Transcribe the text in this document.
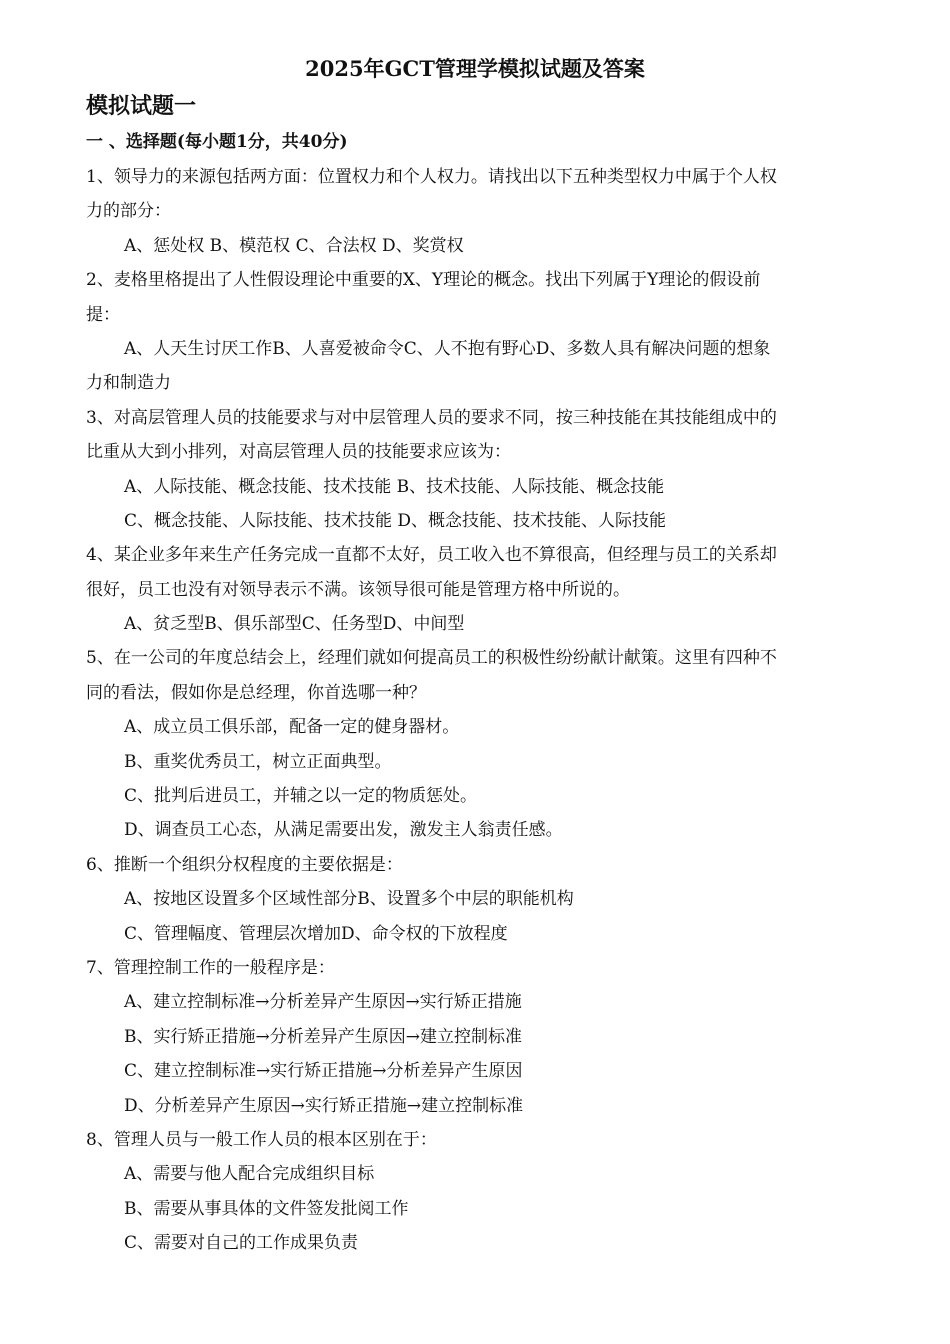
2025年GCT管理学模拟试题及答案
模拟试题一
一 、选择题(每小题1分，共40分)
1、领导力的来源包括两方面：位置权力和个人权力。请找出以下五种类型权力中属于个人权
力的部分：
A、惩处权 B、模范权 C、合法权 D、奖赏权
2、麦格里格提出了人性假设理论中重要的X、Y理论的概念。找出下列属于Y理论的假设前
提：
A、人天生讨厌工作B、人喜爱被命令C、人不抱有野心D、多数人具有解决问题的想象
力和制造力
3、对高层管理人员的技能要求与对中层管理人员的要求不同，按三种技能在其技能组成中的
比重从大到小排列，对高层管理人员的技能要求应该为：
A、人际技能、概念技能、技术技能 B、技术技能、人际技能、概念技能
C、概念技能、人际技能、技术技能 D、概念技能、技术技能、人际技能
4、某企业多年来生产任务完成一直都不太好，员工收入也不算很高，但经理与员工的关系却
很好，员工也没有对领导表示不满。该领导很可能是管理方格中所说的。
A、贫乏型B、俱乐部型C、任务型D、中间型
5、在一公司的年度总结会上，经理们就如何提高员工的积极性纷纷献计献策。这里有四种不
同的看法，假如你是总经理，你首选哪一种？
A、成立员工俱乐部，配备一定的健身器材。
B、重奖优秀员工，树立正面典型。
C、批判后进员工，并辅之以一定的物质惩处。
D、调查员工心态，从满足需要出发，激发主人翁责任感。
6、推断一个组织分权程度的主要依据是：
A、按地区设置多个区域性部分B、设置多个中层的职能机构
C、管理幅度、管理层次增加D、命令权的下放程度
7、管理控制工作的一般程序是：
A、建立控制标准→分析差异产生原因→实行矫正措施
B、实行矫正措施→分析差异产生原因→建立控制标准
C、建立控制标准→实行矫正措施→分析差异产生原因
D、分析差异产生原因→实行矫正措施→建立控制标准
8、管理人员与一般工作人员的根本区别在于：
A、需要与他人配合完成组织目标
B、需要从事具体的文件签发批阅工作
C、需要对自己的工作成果负责
